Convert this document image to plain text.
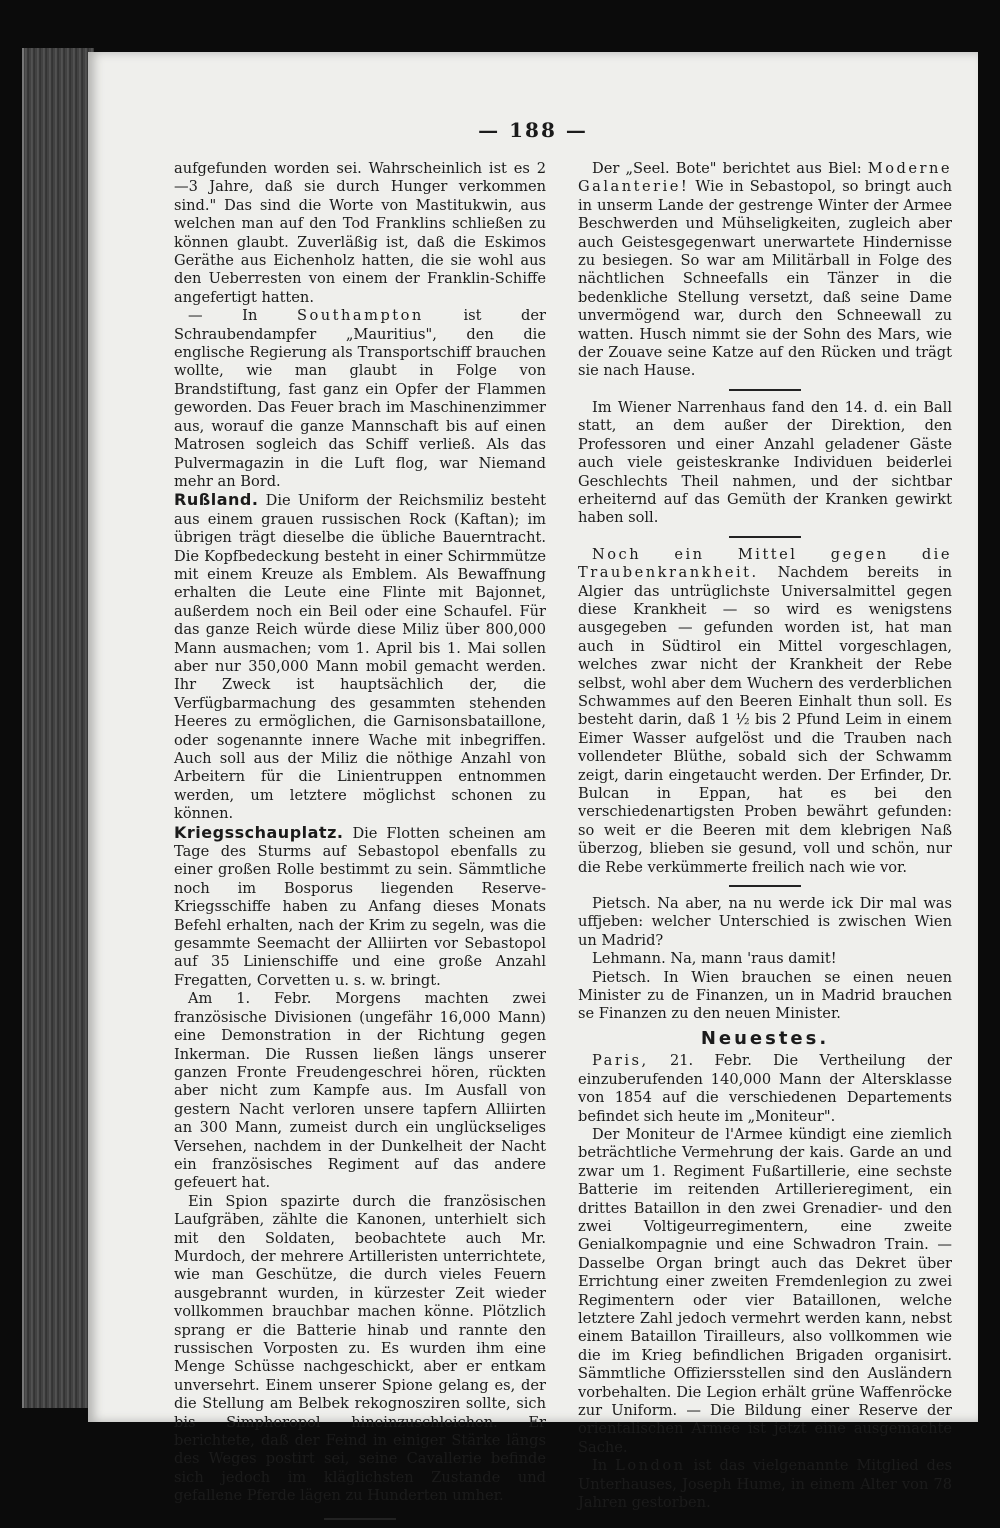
— 188 —

aufgefunden worden sei. Wahrscheinlich ist es 2—3 Jahre, daß sie durch Hunger verkommen sind." Das sind die Worte von Mastitukwin, aus welchen man auf den Tod Franklins schließen zu können glaubt. Zuverläßig ist, daß die Eskimos Geräthe aus Eichenholz hatten, die sie wohl aus den Ueberresten von einem der Franklin-Schiffe angefertigt hatten.

— In	Southampton	ist der Schraubendampfer „Mauritius", den die englische Regierung als Transportschiff brauchen wollte, wie man glaubt in Folge von Brandstiftung, fast ganz ein Opfer der Flammen geworden. Das Feuer brach im Maschinenzimmer aus, worauf die ganze Mannschaft bis auf einen Matrosen sogleich das Schiff verließ. Als das Pulvermagazin in die Luft flog, war Niemand mehr an Bord.

Rußland. Die Uniform der Reichsmiliz besteht aus einem grauen russischen Rock (Kaftan); im übrigen trägt dieselbe die übliche Bauerntracht. Die Kopfbedeckung besteht in einer Schirmmütze mit einem Kreuze als Emblem. Als Bewaffnung erhalten die Leute eine Flinte mit Bajonnet, außerdem noch ein Beil oder eine Schaufel. Für das ganze Reich würde diese Miliz über 800,000 Mann ausmachen; vom 1. April bis 1. Mai sollen aber nur 350,000 Mann mobil gemacht werden. Ihr Zweck ist hauptsächlich der, die Verfügbarmachung des gesammten stehenden Heeres zu ermöglichen, die Garnisonsbataillone, oder sogenannte innere Wache mit inbegriffen. Auch soll aus der Miliz die nöthige Anzahl von Arbeitern für die Linientruppen entnommen werden, um letztere möglichst schonen zu können.

Kriegsschauplatz. Die Flotten scheinen am Tage des Sturms auf Sebastopol ebenfalls zu einer großen Rolle bestimmt zu sein. Sämmtliche noch im Bosporus liegenden Reserve-Kriegsschiffe haben zu Anfang dieses Monats Befehl erhalten, nach der Krim zu segeln, was die gesammte Seemacht der Alliirten vor Sebastopol auf 35 Linienschiffe und eine große Anzahl Fregatten, Corvetten u. s. w. bringt.

Am 1. Febr. Morgens machten zwei französische Divisionen (ungefähr 16,000 Mann) eine Demonstration in der Richtung gegen Inkerman. Die Russen ließen längs unserer ganzen Fronte Freudengeschrei hören, rückten aber nicht zum Kampfe aus. Im Ausfall von gestern Nacht verloren unsere tapfern Alliirten an 300 Mann, zumeist durch ein unglückseliges Versehen, nachdem in der Dunkelheit der Nacht ein französisches Regiment auf das andere gefeuert hat.

Ein Spion spazirte durch die französischen Laufgräben, zählte die Kanonen, unterhielt sich mit den Soldaten, beobachtete auch Mr. Murdoch, der mehrere Artilleristen unterrichtete, wie man Geschütze, die durch vieles Feuern ausgebrannt wurden, in kürzester Zeit wieder vollkommen brauchbar machen könne. Plötzlich sprang er die Batterie hinab und rannte den russischen Vorposten zu. Es wurden ihm eine Menge Schüsse nachgeschickt, aber er entkam unversehrt. Einem unserer Spione gelang es, der die Stellung am Belbek rekognosziren sollte, sich bis Simpheropol hineinzuschleichen. Er berichtete, daß der Feind in einiger Stärke längs des Weges postirt sei, seine Cavallerie befinde sich jedoch im kläglichsten Zustande und gefallene Pferde lägen zu Hunderten umher.

Der „Seel. Bote" berichtet aus Biel: Moderne Galanterie! Wie in Sebastopol, so bringt auch in unserm Lande der gestrenge Winter der Armee Beschwerden und Mühseligkeiten, zugleich aber auch Geistesgegenwart unerwartete Hindernisse zu besiegen. So war am Militärball in Folge des nächtlichen Schneefalls ein Tänzer in die bedenkliche Stellung versetzt, daß seine Dame unvermögend war, durch den Schneewall zu watten. Husch nimmt sie der Sohn des Mars, wie der Zouave seine Katze auf den Rücken und trägt sie nach Hause.

Im Wiener Narrenhaus fand den 14. d. ein Ball statt, an dem außer der Direktion, den Professoren und einer Anzahl geladener Gäste auch viele geisteskranke Individuen beiderlei Geschlechts Theil nahmen, und der sichtbar erheiternd auf das Gemüth der Kranken gewirkt haben soll.

Noch ein Mittel gegen die Traubenkrankheit. Nachdem bereits in Algier das untrüglichste Universalmittel gegen diese Krankheit — so wird es wenigstens ausgegeben — gefunden worden ist, hat man auch in Südtirol ein Mittel vorgeschlagen, welches zwar nicht der Krankheit der Rebe selbst, wohl aber dem Wuchern des verderblichen Schwammes auf den Beeren Einhalt thun soll. Es besteht darin, daß 1 ½ bis 2 Pfund Leim in einem Eimer Wasser aufgelöst und die Trauben nach vollendeter Blüthe, sobald sich der Schwamm zeigt, darin eingetaucht werden. Der Erfinder, Dr. Bulcan in Eppan, hat es bei den verschiedenartigsten Proben bewährt gefunden: so weit er die Beeren mit dem klebrigen Naß überzog, blieben sie gesund, voll und schön, nur die Rebe verkümmerte freilich nach wie vor.

Pietsch. Na aber, na nu werde ick Dir mal was uffjeben: welcher Unterschied is zwischen Wien un Madrid?

Lehmann. Na, mann 'raus damit!

Pietsch. In Wien brauchen se einen neuen Minister zu de Finanzen, un in Madrid brauchen se Finanzen zu den neuen Minister.

Neuestes.

Paris, 21. Febr. Die Vertheilung der einzuberufenden 140,000 Mann der Altersklasse von 1854 auf die verschiedenen Departements befindet sich heute im „Moniteur".

Der Moniteur de l'Armee kündigt eine ziemlich beträchtliche Vermehrung der kais. Garde an und zwar um 1. Regiment Fußartillerie, eine sechste Batterie im reitenden Artillerieregiment, ein drittes Bataillon in den zwei Grenadier- und den zwei Voltigeurregimentern, eine zweite Genialkompagnie und eine Schwadron Train. — Dasselbe Organ bringt auch das Dekret über Errichtung einer zweiten Fremdenlegion zu zwei Regimentern oder vier Bataillonen, welche letztere Zahl jedoch vermehrt werden kann, nebst einem Bataillon Tirailleurs, also vollkommen wie die im Krieg befindlichen Brigaden organisirt. Sämmtliche Offiziersstellen sind den Ausländern vorbehalten. Die Legion erhält grüne Waffenröcke zur Uniform. — Die Bildung einer Reserve der orientalischen Armee ist jetzt eine ausgemachte Sache.

In London ist das vielgenannte Mitglied des Unterhauses, Joseph Hume, in einem Alter von 78 Jahren gestorben.
